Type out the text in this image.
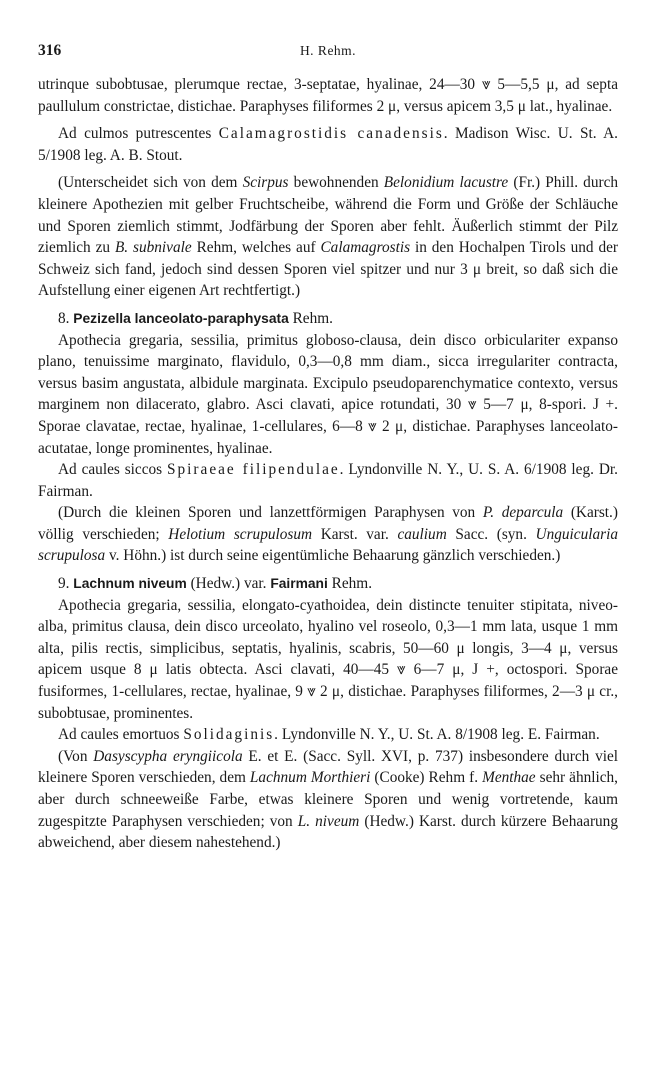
316	H. Rehm.

utrinque subobtusae, plerumque rectae, 3-septatae, hyalinae, 24—30 ⩔ 5—5,5 μ, ad septa paullulum constrictae, distichae. Paraphyses filiformes 2 μ, versus apicem 3,5 μ lat., hyalinae.

Ad culmos putrescentes Calamagrostidis canadensis. Madison Wisc. U. St. A. 5/1908 leg. A. B. Stout.

(Unterscheidet sich von dem Scirpus bewohnenden Belonidium lacustre (Fr.) Phill. durch kleinere Apothezien mit gelber Fruchtscheibe, während die Form und Größe der Schläuche und Sporen ziemlich stimmt, Jodfärbung der Sporen aber fehlt. Äußerlich stimmt der Pilz ziemlich zu B. subnivale Rehm, welches auf Calamagrostis in den Hochalpen Tirols und der Schweiz sich fand, jedoch sind dessen Sporen viel spitzer und nur 3 μ breit, so daß sich die Aufstellung einer eigenen Art rechtfertigt.)

8. Pezizella lanceolato-paraphysata Rehm.

Apothecia gregaria, sessilia, primitus globoso-clausa, dein disco orbiculariter expanso plano, tenuissime marginato, flavidulo, 0,3—0,8 mm diam., sicca irregulariter contracta, versus basim angustata, albidule marginata. Excipulo pseudoparenchymatice contexto, versus marginem non dilacerato, glabro. Asci clavati, apice rotundati, 30 ⩔ 5—7 μ, 8-spori. J +. Sporae clavatae, rectae, hyalinae, 1-cellulares, 6—8 ⩔ 2 μ, distichae. Paraphyses lanceolato-acutatae, longe prominentes, hyalinae.

Ad caules siccos Spiraeae filipendulae. Lyndonville N. Y., U. S. A. 6/1908 leg. Dr. Fairman.

(Durch die kleinen Sporen und lanzettförmigen Paraphysen von P. deparcula (Karst.) völlig verschieden; Helotium scrupulosum Karst. var. caulium Sacc. (syn. Unguicularia scrupulosa v. Höhn.) ist durch seine eigentümliche Behaarung gänzlich verschieden.)

9. Lachnum niveum (Hedw.) var. Fairmani Rehm.

Apothecia gregaria, sessilia, elongato-cyathoidea, dein distincte tenuiter stipitata, niveo-alba, primitus clausa, dein disco urceolato, hyalino vel roseolo, 0,3—1 mm lata, usque 1 mm alta, pilis rectis, simplicibus, septatis, hyalinis, scabris, 50—60 μ longis, 3—4 μ, versus apicem usque 8 μ latis obtecta. Asci clavati, 40—45 ⩔ 6—7 μ, J +, octospori. Sporae fusiformes, 1-cellulares, rectae, hyalinae, 9 ⩔ 2 μ, distichae. Paraphyses filiformes, 2—3 μ cr., subobtusae, prominentes.

Ad caules emortuos Solidaginis. Lyndonville N. Y., U. St. A. 8/1908 leg. E. Fairman.

(Von Dasyscypha eryngiicola E. et E. (Sacc. Syll. XVI, p. 737) insbesondere durch viel kleinere Sporen verschieden, dem Lachnum Morthieri (Cooke) Rehm f. Menthae sehr ähnlich, aber durch schneeweiße Farbe, etwas kleinere Sporen und wenig vortretende, kaum zugespitzte Paraphysen verschieden; von L. niveum (Hedw.) Karst. durch kürzere Behaarung abweichend, aber diesem nahestehend.)
